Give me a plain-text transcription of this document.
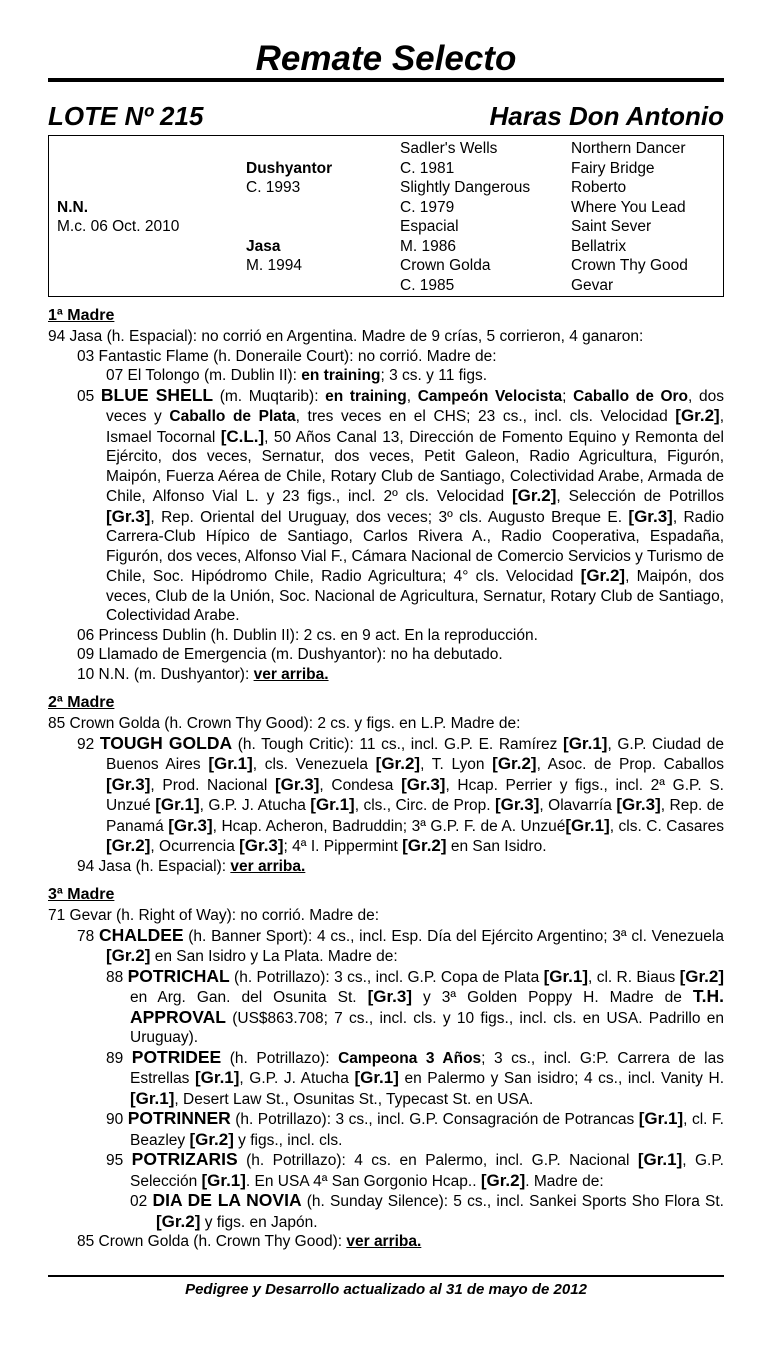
Remate Selecto
LOTE Nº 215	Haras Don Antonio
N.N.
M.c. 06 Oct. 2010
Dushyantor
C. 1993
Jasa
M. 1994
Sadler's Wells
C. 1981
Slightly Dangerous
C. 1979
Espacial
M. 1986
Crown Golda
C. 1985
Northern Dancer
Fairy Bridge
Roberto
Where You Lead
Saint Sever
Bellatrix
Crown Thy Good
Gevar
1ª Madre
94 Jasa (h. Espacial): no corrió en Argentina. Madre de 9 crías, 5 corrieron, 4 ganaron:
03 Fantastic Flame (h. Doneraile Court): no corrió. Madre de:
07 El Tolongo (m. Dublin II): en training; 3 cs. y 11 figs.
05 BLUE SHELL (m. Muqtarib): en training, Campeón Velocista; Caballo de Oro, dos veces y Caballo de Plata, tres veces en el CHS; 23 cs., incl. cls. Velocidad [Gr.2], Ismael Tocornal [C.L.], 50 Años Canal 13, Dirección de Fomento Equino y Remonta del Ejército, dos veces, Sernatur, dos veces, Petit Galeon, Radio Agricultura, Figurón, Maipón, Fuerza Aérea de Chile, Rotary Club de Santiago, Colectividad Arabe, Armada de Chile, Alfonso Vial L. y 23 figs., incl. 2º cls. Velocidad [Gr.2], Selección de Potrillos [Gr.3], Rep. Oriental del Uruguay, dos veces; 3º cls. Augusto Breque E. [Gr.3], Radio Carrera-Club Hípico de Santiago, Carlos Rivera A., Radio Cooperativa, Espadaña, Figurón, dos veces, Alfonso Vial F., Cámara Nacional de Comercio Servicios y Turismo de Chile, Soc. Hipódromo Chile, Radio Agricultura; 4° cls. Velocidad [Gr.2], Maipón, dos veces, Club de la Unión, Soc. Nacional de Agricultura, Sernatur, Rotary Club de Santiago, Colectividad Arabe.
06 Princess Dublin (h. Dublin II): 2 cs. en 9 act. En la reproducción.
09 Llamado de Emergencia (m. Dushyantor): no ha debutado.
10 N.N. (m. Dushyantor): ver arriba.
2ª Madre
85 Crown Golda (h. Crown Thy Good): 2 cs. y figs. en L.P. Madre de:
92 TOUGH GOLDA (h. Tough Critic): 11 cs., incl. G.P. E. Ramírez [Gr.1], G.P. Ciudad de Buenos Aires [Gr.1], cls. Venezuela [Gr.2], T. Lyon [Gr.2], Asoc. de Prop. Caballos [Gr.3], Prod. Nacional [Gr.3], Condesa [Gr.3], Hcap. Perrier y figs., incl. 2ª G.P. S. Unzué [Gr.1], G.P. J. Atucha [Gr.1], cls., Circ. de Prop. [Gr.3], Olavarría [Gr.3], Rep. de Panamá [Gr.3], Hcap. Acheron, Badruddin; 3ª G.P. F. de A. Unzué[Gr.1], cls. C. Casares [Gr.2], Ocurrencia [Gr.3]; 4ª I. Pippermint [Gr.2] en San Isidro.
94 Jasa (h. Espacial): ver arriba.
3ª Madre
71 Gevar (h. Right of Way): no corrió. Madre de:
78 CHALDEE (h. Banner Sport): 4 cs., incl. Esp. Día del Ejército Argentino; 3ª cl. Venezuela [Gr.2] en San Isidro y La Plata. Madre de:
88 POTRICHAL (h. Potrillazo): 3 cs., incl. G.P. Copa de Plata [Gr.1], cl. R. Biaus [Gr.2] en Arg. Gan. del Osunita St. [Gr.3] y 3ª Golden Poppy H. Madre de T.H. APPROVAL (US$863.708; 7 cs., incl. cls. y 10 figs., incl. cls. en USA. Padrillo en Uruguay).
89 POTRIDEE (h. Potrillazo): Campeona 3 Años; 3 cs., incl. G:P. Carrera de las Estrellas [Gr.1], G.P. J. Atucha [Gr.1] en Palermo y San isidro; 4 cs., incl. Vanity H. [Gr.1], Desert Law St., Osunitas St., Typecast St. en USA.
90 POTRINNER (h. Potrillazo): 3 cs., incl. G.P. Consagración de Potrancas [Gr.1], cl. F. Beazley [Gr.2] y figs., incl. cls.
95 POTRIZARIS (h. Potrillazo): 4 cs. en Palermo, incl. G.P. Nacional [Gr.1], G.P. Selección [Gr.1]. En USA 4ª San Gorgonio Hcap.. [Gr.2]. Madre de:
02 DIA DE LA NOVIA (h. Sunday Silence): 5 cs., incl. Sankei Sports Sho Flora St. [Gr.2] y figs. en Japón.
85 Crown Golda (h. Crown Thy Good): ver arriba.
Pedigree y Desarrollo actualizado al 31 de mayo de 2012
